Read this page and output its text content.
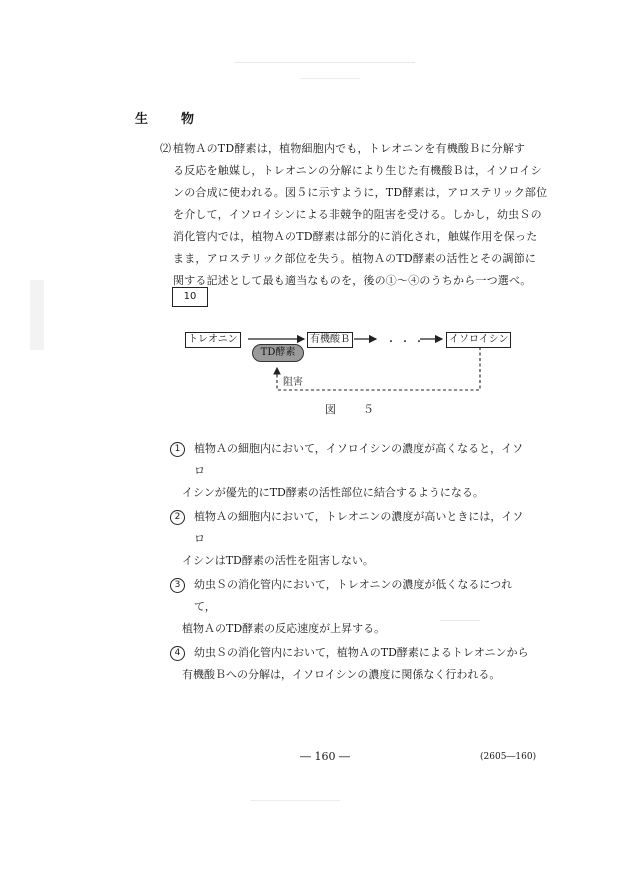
生　物
⑵ 植物ＡのTD酵素は，植物細胞内でも，トレオニンを有機酸Ｂに分解す
る反応を触媒し，トレオニンの分解により生じた有機酸Ｂは，イソロイシ
ンの合成に使われる。図５に示すように，TD酵素は，アロステリック部位
を介して，イソロイシンによる非競争的阻害を受ける。しかし，幼虫Ｓの
消化管内では，植物ＡのTD酵素は部分的に消化され，触媒作用を保った
まま，アロステリック部位を失う。植物ＡのTD酵素の活性とその調節に
関する記述として最も適当なものを，後の①～④のうちから一つ選べ。
10
トレオニン	有機酸Ｂ	・・・	イソロイシン
TD酵素
阻害
図　５
1	植物Ａの細胞内において，イソロイシンの濃度が高くなると，イソロ
イシンが優先的にTD酵素の活性部位に結合するようになる。
2	植物Ａの細胞内において，トレオニンの濃度が高いときには，イソロ
イシンはTD酵素の活性を阻害しない。
3	幼虫Ｓの消化管内において，トレオニンの濃度が低くなるにつれて，
植物ＡのTD酵素の反応速度が上昇する。
4	幼虫Ｓの消化管内において，植物ＡのTD酵素によるトレオニンから
有機酸Ｂへの分解は，イソロイシンの濃度に関係なく行われる。
― 160 ―	(2605―160)
